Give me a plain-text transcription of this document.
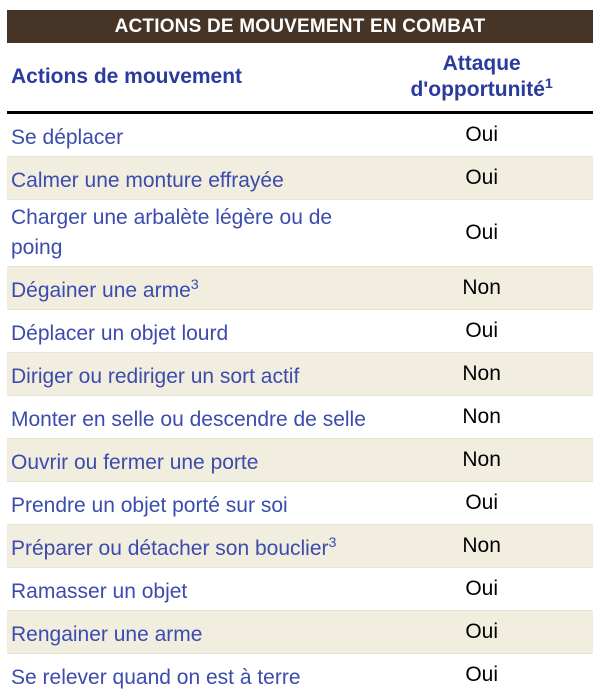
ACTIONS DE MOUVEMENT EN COMBAT
Actions de mouvement	Attaque d'opportunité$^1$
Se déplacer	Oui
Calmer une monture effrayée	Oui
Charger une arbalète légère ou de poing	Oui
Dégainer une arme$^3$	Non
Déplacer un objet lourd	Oui
Diriger ou rediriger un sort actif	Non
Monter en selle ou descendre de selle	Non
Ouvrir ou fermer une porte	Non
Prendre un objet porté sur soi	Oui
Préparer ou détacher son bouclier$^3$	Non
Ramasser un objet	Oui
Rengainer une arme	Oui
Se relever quand on est à terre	Oui
